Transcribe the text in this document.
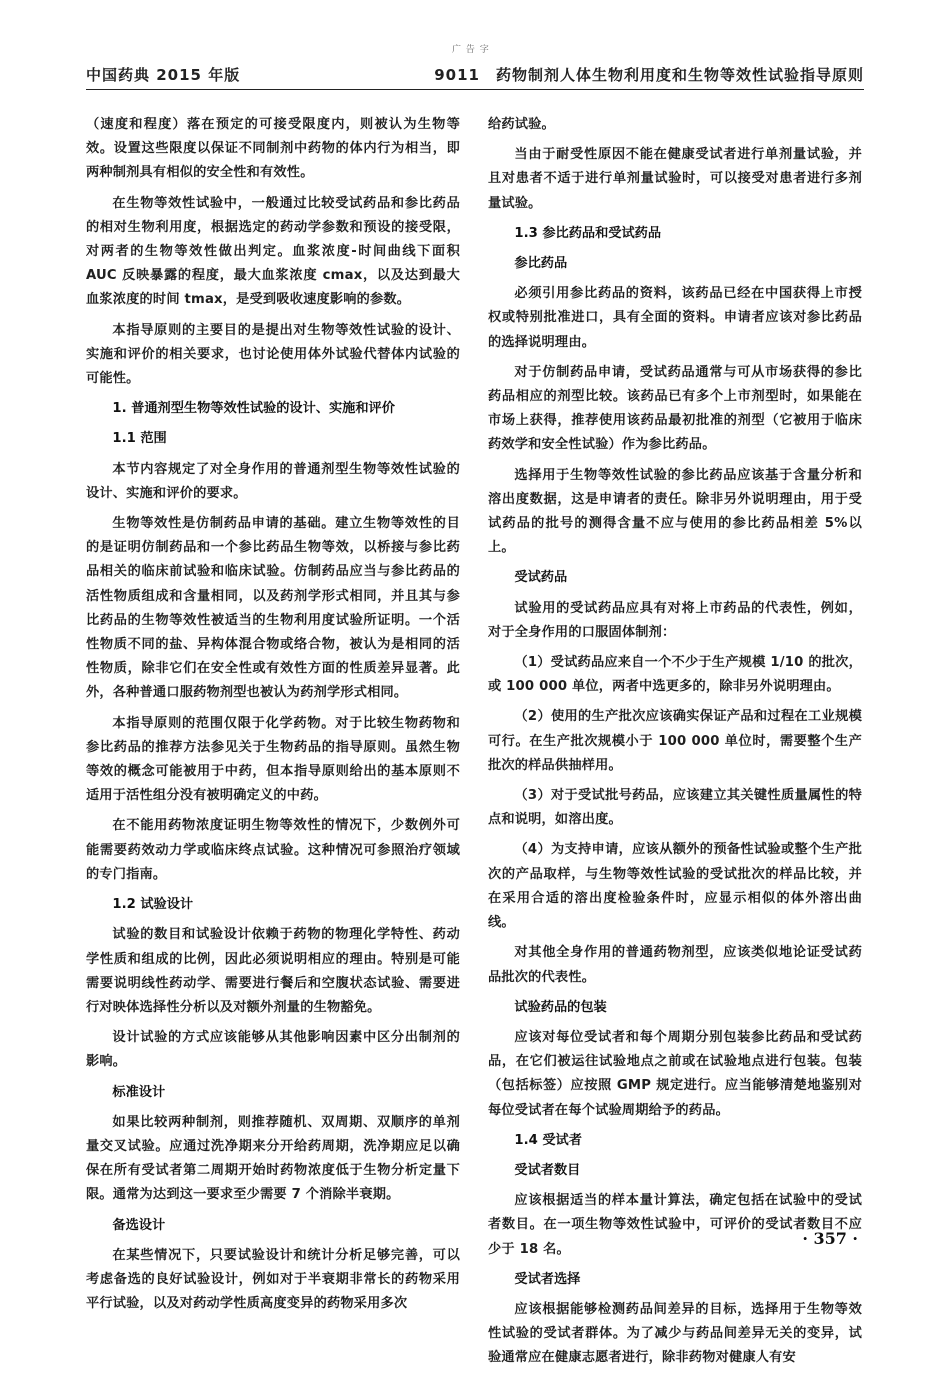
广 告 字
中国药典 2015 年版	9011　药物制剂人体生物利用度和生物等效性试验指导原则

（速度和程度）落在预定的可接受限度内，则被认为生物等效。设置这些限度以保证不同制剂中药物的体内行为相当，即两种制剂具有相似的安全性和有效性。

在生物等效性试验中，一般通过比较受试药品和参比药品的相对生物利用度，根据选定的药动学参数和预设的接受限，对两者的生物等效性做出判定。血浆浓度-时间曲线下面积 AUC 反映暴露的程度，最大血浆浓度 cmax，以及达到最大血浆浓度的时间 tmax，是受到吸收速度影响的参数。

本指导原则的主要目的是提出对生物等效性试验的设计、实施和评价的相关要求，也讨论使用体外试验代替体内试验的可能性。

1. 普通剂型生物等效性试验的设计、实施和评价
1.1 范围

本节内容规定了对全身作用的普通剂型生物等效性试验的设计、实施和评价的要求。

生物等效性是仿制药品申请的基础。建立生物等效性的目的是证明仿制药品和一个参比药品生物等效，以桥接与参比药品相关的临床前试验和临床试验。仿制药品应当与参比药品的活性物质组成和含量相同，以及药剂学形式相同，并且其与参比药品的生物等效性被适当的生物利用度试验所证明。一个活性物质不同的盐、异构体混合物或络合物，被认为是相同的活性物质，除非它们在安全性或有效性方面的性质差异显著。此外，各种普通口服药物剂型也被认为药剂学形式相同。

本指导原则的范围仅限于化学药物。对于比较生物药物和参比药品的推荐方法参见关于生物药品的指导原则。虽然生物等效的概念可能被用于中药，但本指导原则给出的基本原则不适用于活性组分没有被明确定义的中药。

在不能用药物浓度证明生物等效性的情况下，少数例外可能需要药效动力学或临床终点试验。这种情况可参照治疗领域的专门指南。

1.2 试验设计

试验的数目和试验设计依赖于药物的物理化学特性、药动学性质和组成的比例，因此必须说明相应的理由。特别是可能需要说明线性药动学、需要进行餐后和空腹状态试验、需要进行对映体选择性分析以及对额外剂量的生物豁免。

设计试验的方式应该能够从其他影响因素中区分出制剂的影响。

标准设计

如果比较两种制剂，则推荐随机、双周期、双顺序的单剂量交叉试验。应通过洗净期来分开给药周期，洗净期应足以确保在所有受试者第二周期开始时药物浓度低于生物分析定量下限。通常为达到这一要求至少需要 7 个消除半衰期。

备选设计

在某些情况下，只要试验设计和统计分析足够完善，可以考虑备选的良好试验设计，例如对于半衰期非常长的药物采用平行试验，以及对药动学性质高度变异的药物采用多次

给药试验。

当由于耐受性原因不能在健康受试者进行单剂量试验，并且对患者不适于进行单剂量试验时，可以接受对患者进行多剂量试验。

1.3 参比药品和受试药品
参比药品

必须引用参比药品的资料，该药品已经在中国获得上市授权或特别批准进口，具有全面的资料。申请者应该对参比药品的选择说明理由。

对于仿制药品申请，受试药品通常与可从市场获得的参比药品相应的剂型比较。该药品已有多个上市剂型时，如果能在市场上获得，推荐使用该药品最初批准的剂型（它被用于临床药效学和安全性试验）作为参比药品。

选择用于生物等效性试验的参比药品应该基于含量分析和溶出度数据，这是申请者的责任。除非另外说明理由，用于受试药品的批号的测得含量不应与使用的参比药品相差 5%以上。

受试药品

试验用的受试药品应具有对将上市药品的代表性，例如，对于全身作用的口服固体制剂：

（1）受试药品应来自一个不少于生产规模 1/10 的批次，或 100 000 单位，两者中选更多的，除非另外说明理由。

（2）使用的生产批次应该确实保证产品和过程在工业规模可行。在生产批次规模小于 100 000 单位时，需要整个生产批次的样品供抽样用。

（3）对于受试批号药品，应该建立其关键性质量属性的特点和说明，如溶出度。

（4）为支持申请，应该从额外的预备性试验或整个生产批次的产品取样，与生物等效性试验的受试批次的样品比较，并在采用合适的溶出度检验条件时，应显示相似的体外溶出曲线。

对其他全身作用的普通药物剂型，应该类似地论证受试药品批次的代表性。

试验药品的包装

应该对每位受试者和每个周期分别包装参比药品和受试药品，在它们被运往试验地点之前或在试验地点进行包装。包装（包括标签）应按照 GMP 规定进行。应当能够清楚地鉴别对每位受试者在每个试验周期给予的药品。

1.4 受试者
受试者数目

应该根据适当的样本量计算法，确定包括在试验中的受试者数目。在一项生物等效性试验中，可评价的受试者数目不应少于 18 名。

受试者选择

应该根据能够检测药品间差异的目标，选择用于生物等效性试验的受试者群体。为了减少与药品间差异无关的变异，试验通常应在健康志愿者进行，除非药物对健康人有安

· 357 ·
